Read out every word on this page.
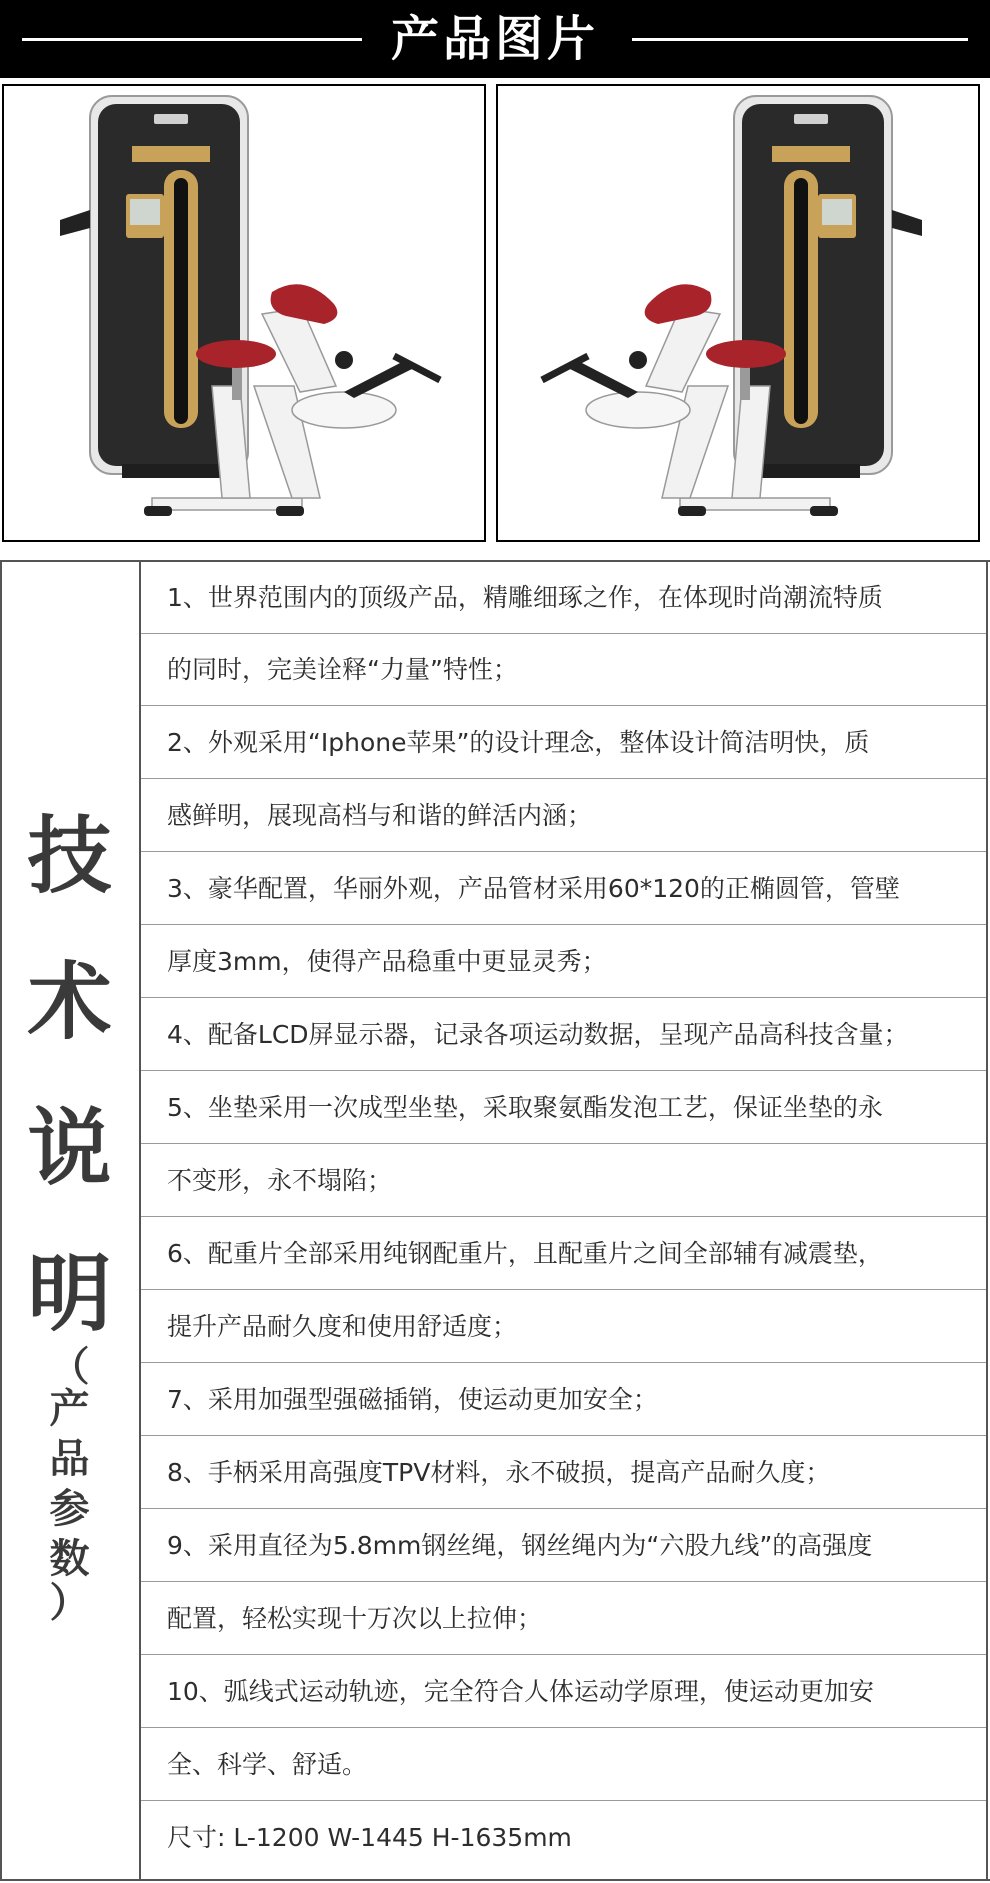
产品图片
技
术
说
明
（
产
品
参
数
）
1、世界范围内的顶级产品，精雕细琢之作，在体现时尚潮流特质
的同时，完美诠释“力量”特性；
2、外观采用“Iphone苹果”的设计理念，整体设计简洁明快，质
感鲜明，展现高档与和谐的鲜活内涵；
3、豪华配置，华丽外观，产品管材采用60*120的正椭圆管，管壁
厚度3mm，使得产品稳重中更显灵秀；
4、配备LCD屏显示器，记录各项运动数据，呈现产品高科技含量；
5、坐垫采用一次成型坐垫，采取聚氨酯发泡工艺，保证坐垫的永
不变形，永不塌陷；
6、配重片全部采用纯钢配重片，且配重片之间全部辅有减震垫，
提升产品耐久度和使用舒适度；
7、采用加强型强磁插销，使运动更加安全；
8、手柄采用高强度TPV材料，永不破损，提高产品耐久度；
9、采用直径为5.8mm钢丝绳，钢丝绳内为“六股九线”的高强度
配置，轻松实现十万次以上拉伸；
10、弧线式运动轨迹，完全符合人体运动学原理，使运动更加安
全、科学、舒适。
尺寸: L-1200 W-1445 H-1635mm
